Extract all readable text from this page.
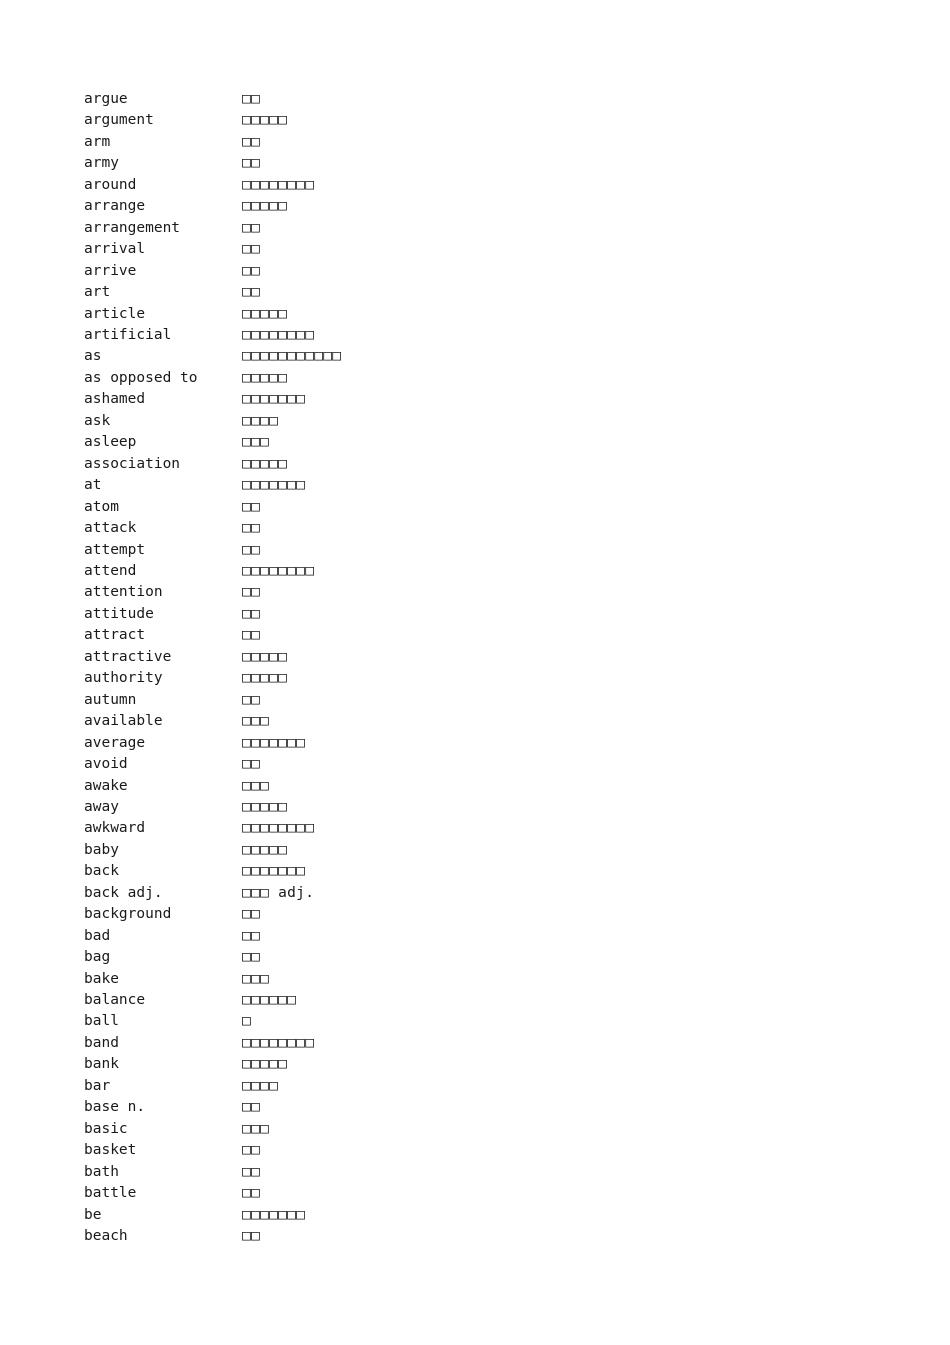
argue	□□
argument	□□□□□
arm	□□
army	□□
around	□□□□□□□□
arrange	□□□□□
arrangement	□□
arrival	□□
arrive	□□
art	□□
article	□□□□□
artificial	□□□□□□□□
as	□□□□□□□□□□□
as opposed to	□□□□□
ashamed	□□□□□□□
ask	□□□□
asleep	□□□
association	□□□□□
at	□□□□□□□
atom	□□
attack	□□
attempt	□□
attend	□□□□□□□□
attention	□□
attitude	□□
attract	□□
attractive	□□□□□
authority	□□□□□
autumn	□□
available	□□□
average	□□□□□□□
avoid	□□
awake	□□□
away	□□□□□
awkward	□□□□□□□□
baby	□□□□□
back	□□□□□□□
back adj.	□□□ adj.
background	□□
bad	□□
bag	□□
bake	□□□
balance	□□□□□□
ball	□
band	□□□□□□□□
bank	□□□□□
bar	□□□□
base n.	□□
basic	□□□
basket	□□
bath	□□
battle	□□
be	□□□□□□□
beach	□□
